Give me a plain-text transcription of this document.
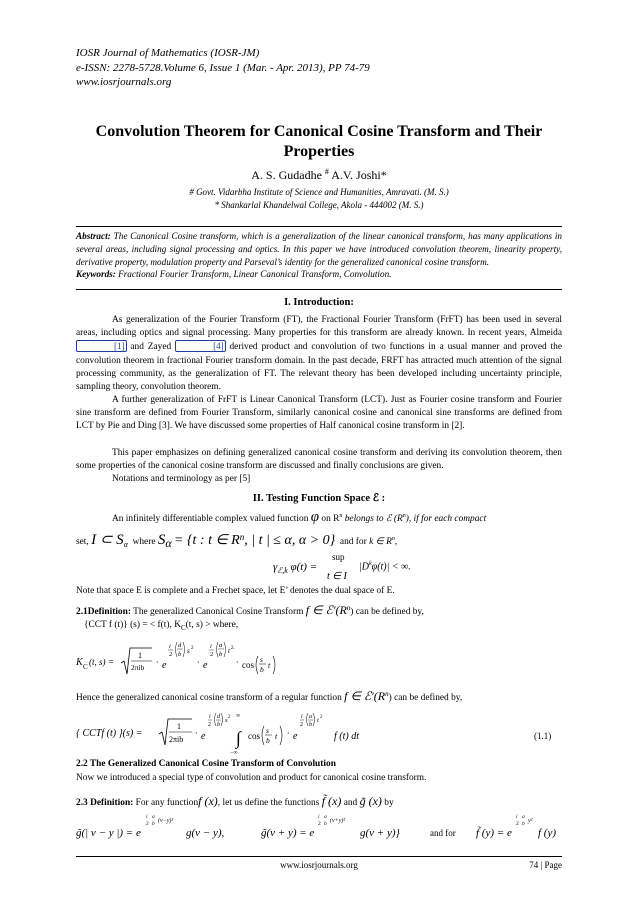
IOSR Journal of Mathematics (IOSR-JM)
e-ISSN: 2278-5728.Volume 6, Issue 1 (Mar. - Apr. 2013), PP 74-79
www.iosrjournals.org
Convolution Theorem for Canonical Cosine Transform and Their
Properties
A. S. Gudadhe # A.V. Joshi*
# Govt. Vidarbha Institute of Science and Humanities, Amravati. (M. S.)
* Shankarlal Khandelwal College, Akola - 444002 (M. S.)
Abstract: The Canonical Cosine transform, which is a generalization of the linear canonical transform, has many applications in several areas, including signal processing and optics. In this paper we have introduced convolution theorem, linearity property, derivative property, modulation property and Parseval’s identity for the generalized canonical cosine transform.
Keywords: Fractional Fourier Transform, Linear Canonical Transform, Convolution.
I. Introduction:
As generalization of the Fourier Transform (FT), the Fractional Fourier Transform (FrFT) has been used in several areas, including optics and signal processing. Many properties for this transform are already known. In recent years, Almeida [1] and Zayed	[4] derived product and convolution of two functions in a usual manner and proved the convolution theorem in fractional Fourier transform domain. In the past decade, FRFT has attracted much attention of the signal processing community, as the generalization of FT. The relevant theory has been developed including uncertainty principle, sampling theory, convolution theorem.
A further generalization of FrFT is Linear Canonical Transform (LCT). Just as Fourier cosine transform and Fourier sine transform are defined from Fourier Transform, similarly canonical cosine and canonical sine transforms are defined from LCT by Pie and Ding [3]. We have discussed some properties of Half canonical cosine transform in [2].
This paper emphasizes on defining generalized canonical cosine transform and deriving its convolution theorem, then some properties of the canonical cosine transform are discussed and finally conclusions are given.
Notations and terminology as per [5]
II. Testing Function Space ℰ :
An infinitely differentiable complex valued function φ on $R^n$ belongs to ℰ $(R^n)$, if for each compact
set, I ⊂ $S_\alpha$ where $S_\alpha = \{t$ : t ∈ $R^n$, | t | ≤ α, α > 0} and for k ∈ $R^n$,
sup
$\gamma_{ℰ,k}$ φ(t) =	$|D^k\varphi(t)|$ < ∞.
t ∈ I
Note that space E is complete and a Frechet space, let E’ denotes the dual space of E.
2.1Definition: The generalized Canonical Cosine Transform f ∈ $ℰ'(R^n)$ can be defined by,
{CCT f (t)} (s) = < f(t), $K_C(t$, s) > where,
K C (t, s) =
1
2πib
· e
i
2
d
b s 2
· e
i
2
a
b t 2.
· cos
s
b t
Hence the generalized canonical cosine transform of a regular function f ∈ $ℰ'(R^n)$ can be defined by,
{ CCTf (t) }(s) =
1
2πib
· e
i
2
d
b
s 2 ∞
∫
−∞
cos
s
b t · e
i
2
a
b
t 2
f (t) dt	(1.1)
2.2 The Generalized Canonical Cosine Transform of Convolution
Now we introduced a special type of convolution and product for canonical cosine transform.
2.3 Definition: For any functionf (x), let us define the functions f̃ (x) and g̃ (x) by
g̃(| v − y |) = e
i
2
a
b (v−y)²
g(v − y),	g̃(v + y) = e
i
2
a
b (v+y)²
g(v + y)}	and for f̃ (y) = e
i
2
a
b y²
f (y)
www.iosrjournals.org	74 | Page
